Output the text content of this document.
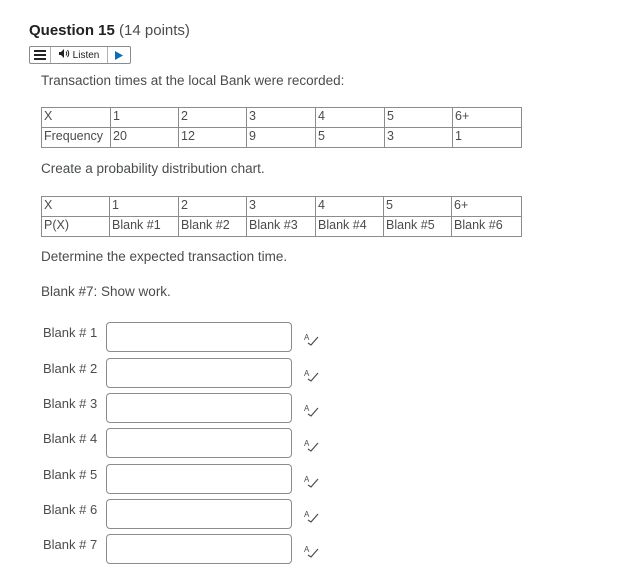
Question 15 (14 points)
Listen
Transaction times at the local Bank were recorded:
X	1	2	3	4	5	6+
Frequency	20	12	9	5	3	1
Create a probability distribution chart.
X	1	2	3	4	5	6+
P(X)	Blank #1	Blank #2	Blank #3	Blank #4	Blank #5	Blank #6
Determine the expected transaction time.
Blank #7: Show work.
Blank # 1	A
Blank # 2	A
Blank # 3	A
Blank # 4	A
Blank # 5	A
Blank # 6	A
Blank # 7	A
